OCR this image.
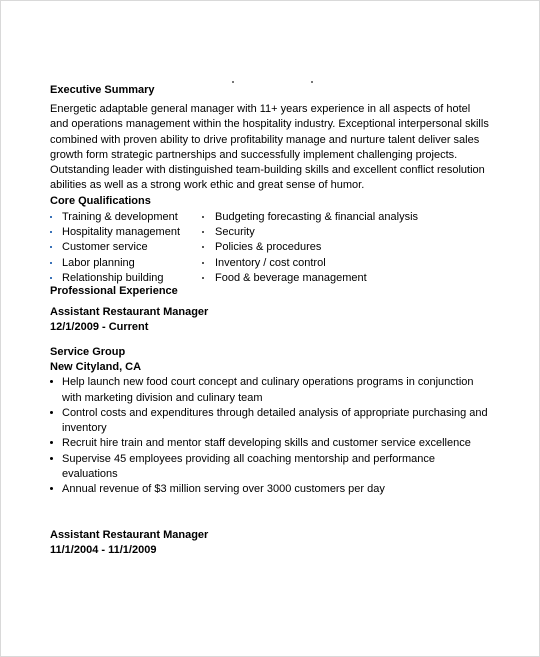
Executive Summary
Energetic adaptable general manager with 11+ years experience in all aspects of hotel and operations management within the hospitality industry. Exceptional interpersonal skills combined with proven ability to drive profitability manage and nurture talent deliver sales growth form strategic partnerships and successfully implement challenging projects. Outstanding leader with distinguished team-building skills and excellent conflict resolution abilities as well as a strong work ethic and great sense of humor.
Core Qualifications
Training & development
Hospitality management
Customer service
Labor planning
Relationship building
Budgeting forecasting & financial analysis
Security
Policies & procedures
Inventory / cost control
Food & beverage management
Professional Experience
Assistant Restaurant Manager
12/1/2009 - Current
Service Group
New Cityland, CA
Help launch new food court concept and culinary operations programs in conjunction with marketing division and culinary team
Control costs and expenditures through detailed analysis of appropriate purchasing and inventory
Recruit hire train and mentor staff developing skills and customer service excellence
Supervise 45 employees providing all coaching mentorship and performance evaluations
Annual revenue of $3 million serving over 3000 customers per day
Assistant Restaurant Manager
11/1/2004 - 11/1/2009
